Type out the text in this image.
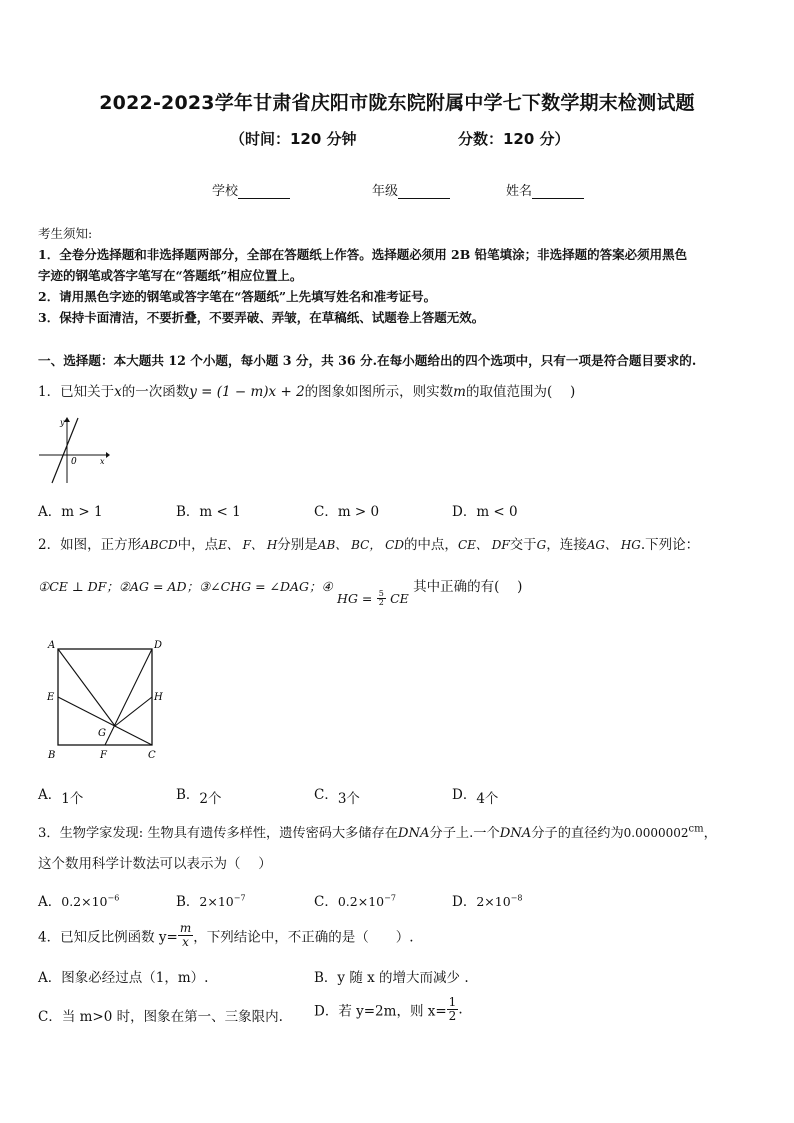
2022-2023学年甘肃省庆阳市陇东院附属中学七下数学期末检测试题
（时间：120 分钟	分数：120 分）
学校	年级	姓名
考生须知:
1．全卷分选择题和非选择题两部分，全部在答题纸上作答。选择题必须用 2B 铅笔填涂；非选择题的答案必须用黑色
字迹的钢笔或答字笔写在“答题纸”相应位置上。
2．请用黑色字迹的钢笔或答字笔在“答题纸”上先填写姓名和准考证号。
3．保持卡面清洁，不要折叠，不要弄破、弄皱，在草稿纸、试题卷上答题无效。
一、选择题：本大题共 12 个小题，每小题 3 分，共 36 分.在每小题给出的四个选项中，只有一项是符合题目要求的.
1．已知关于x的一次函数y = (1 − m)x + 2的图象如图所示，则实数m的取值范围为(　 )
y
0	x
A．m > 1	B．m < 1	C．m > 0	D．m < 0
2．如图，正方形ABCD中，点E、 F、 H分别是AB、 BC， CD的中点，CE、 DF交于G，连接AG、 HG.下列论：
①CE ⊥ DF；②AG = AD；③∠CHG = ∠DAG；④ HG = $\frac{5}{2}$ CE 其中正确的有(　 )
A	D
E	H
G
B	F	C
A．1个	B．2个	C．3个	D．4个
3．生物学家发现: 生物具有遗传多样性，遗传密码大多储存在DNA分子上.一个DNA分子的直径约为$0.0000002^{cm}$，
这个数用科学计数法可以表示为（　 ）
A．$0.2\times 10^{-6}$	B．$2\times 10^{-7}$	C．$0.2\times 10^{-7}$	D．$2\times 10^{-8}$
4．已知反比例函数 $y= \frac{m}{x}$ ，下列结论中，不正确的是（　　）.
A．图象必经过点（1，m）.	B．y 随 x 的增大而减少 .
C．当 m>0 时，图象在第一、三象限内. D．若 y=2m，则 $x= \frac{1}{2}$ .
